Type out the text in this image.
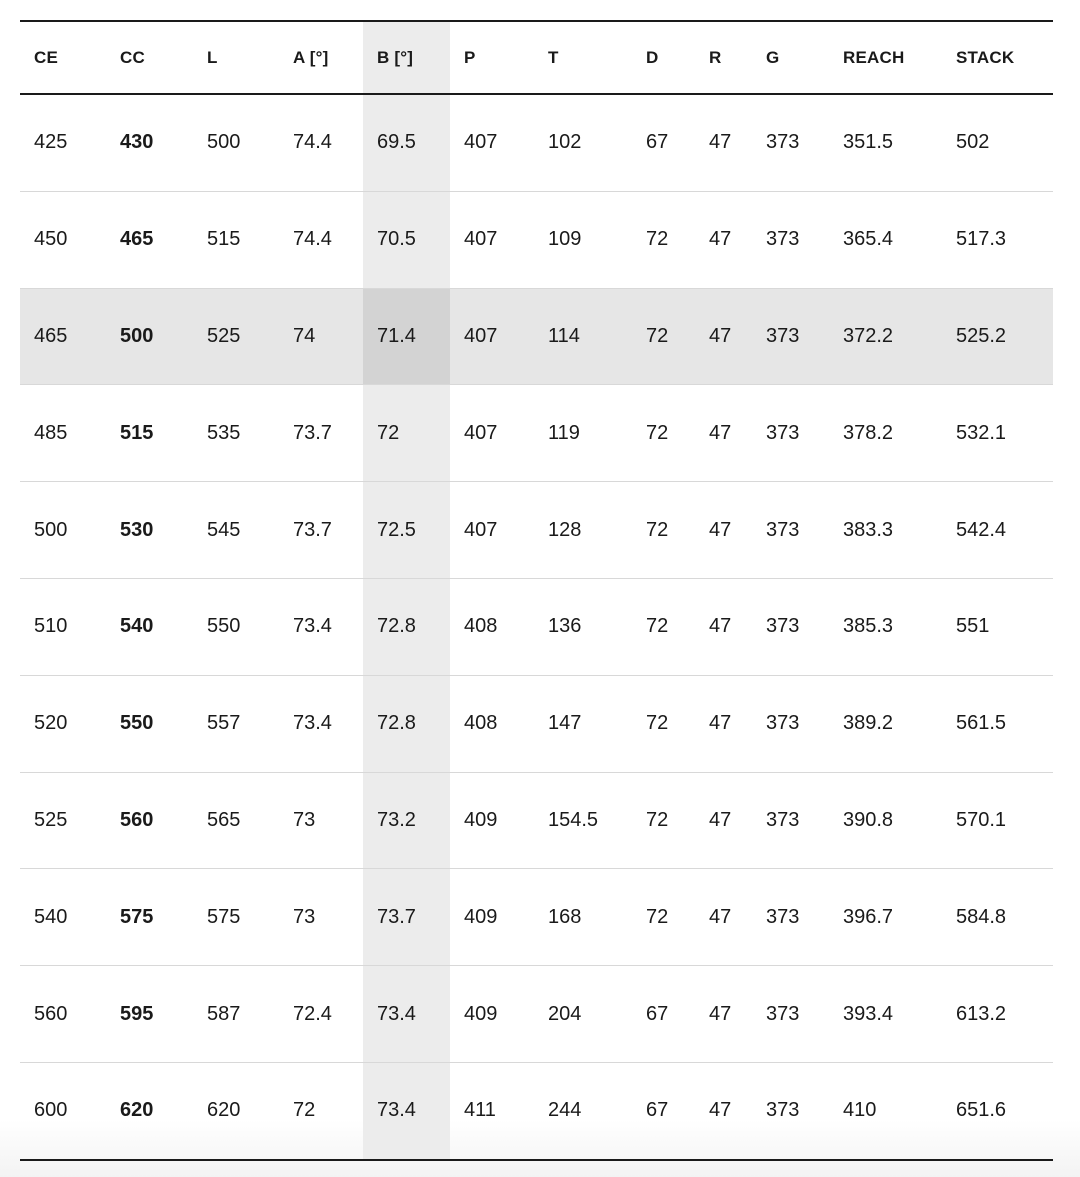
CE	CC	L	A [°]	B [°]	P	T	D	R	G	REACH	STACK
425	430	500	74.4	69.5	407	102	67	47	373	351.5	502
450	465	515	74.4	70.5	407	109	72	47	373	365.4	517.3
465	500	525	74	71.4	407	114	72	47	373	372.2	525.2
485	515	535	73.7	72	407	119	72	47	373	378.2	532.1
500	530	545	73.7	72.5	407	128	72	47	373	383.3	542.4
510	540	550	73.4	72.8	408	136	72	47	373	385.3	551
520	550	557	73.4	72.8	408	147	72	47	373	389.2	561.5
525	560	565	73	73.2	409	154.5	72	47	373	390.8	570.1
540	575	575	73	73.7	409	168	72	47	373	396.7	584.8
560	595	587	72.4	73.4	409	204	67	47	373	393.4	613.2
600	620	620	72	73.4	411	244	67	47	373	410	651.6
